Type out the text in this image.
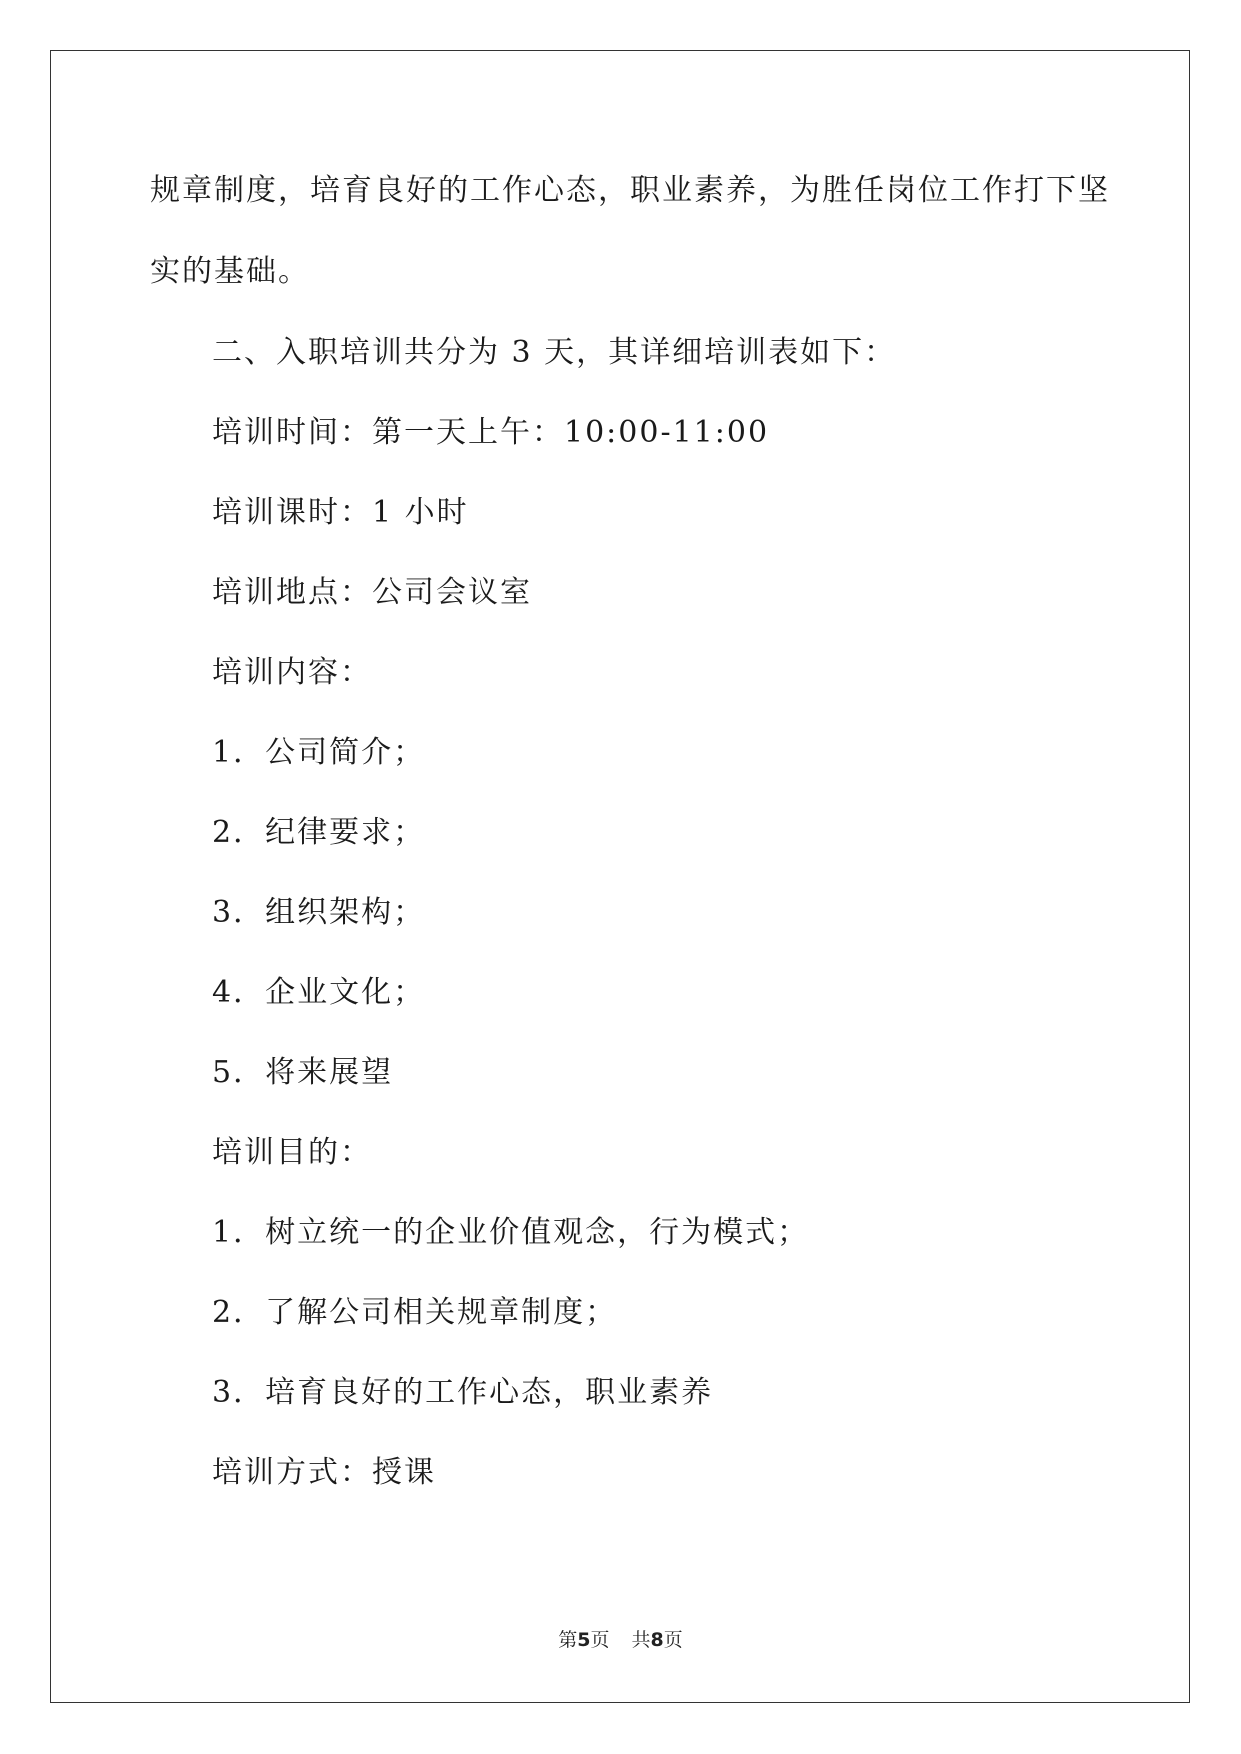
规章制度，培育良好的工作心态，职业素养，为胜任岗位工作打下坚
实的基础。
二、入职培训共分为 3 天，其详细培训表如下：
培训时间：第一天上午：10:00-11:00
培训课时：1 小时
培训地点：公司会议室
培训内容：
1．公司简介；
2．纪律要求；
3．组织架构；
4．企业文化；
5．将来展望
培训目的：
1．树立统一的企业价值观念，行为模式；
2．了解公司相关规章制度；
3．培育良好的工作心态，职业素养
培训方式：授课
第5页 共8页
